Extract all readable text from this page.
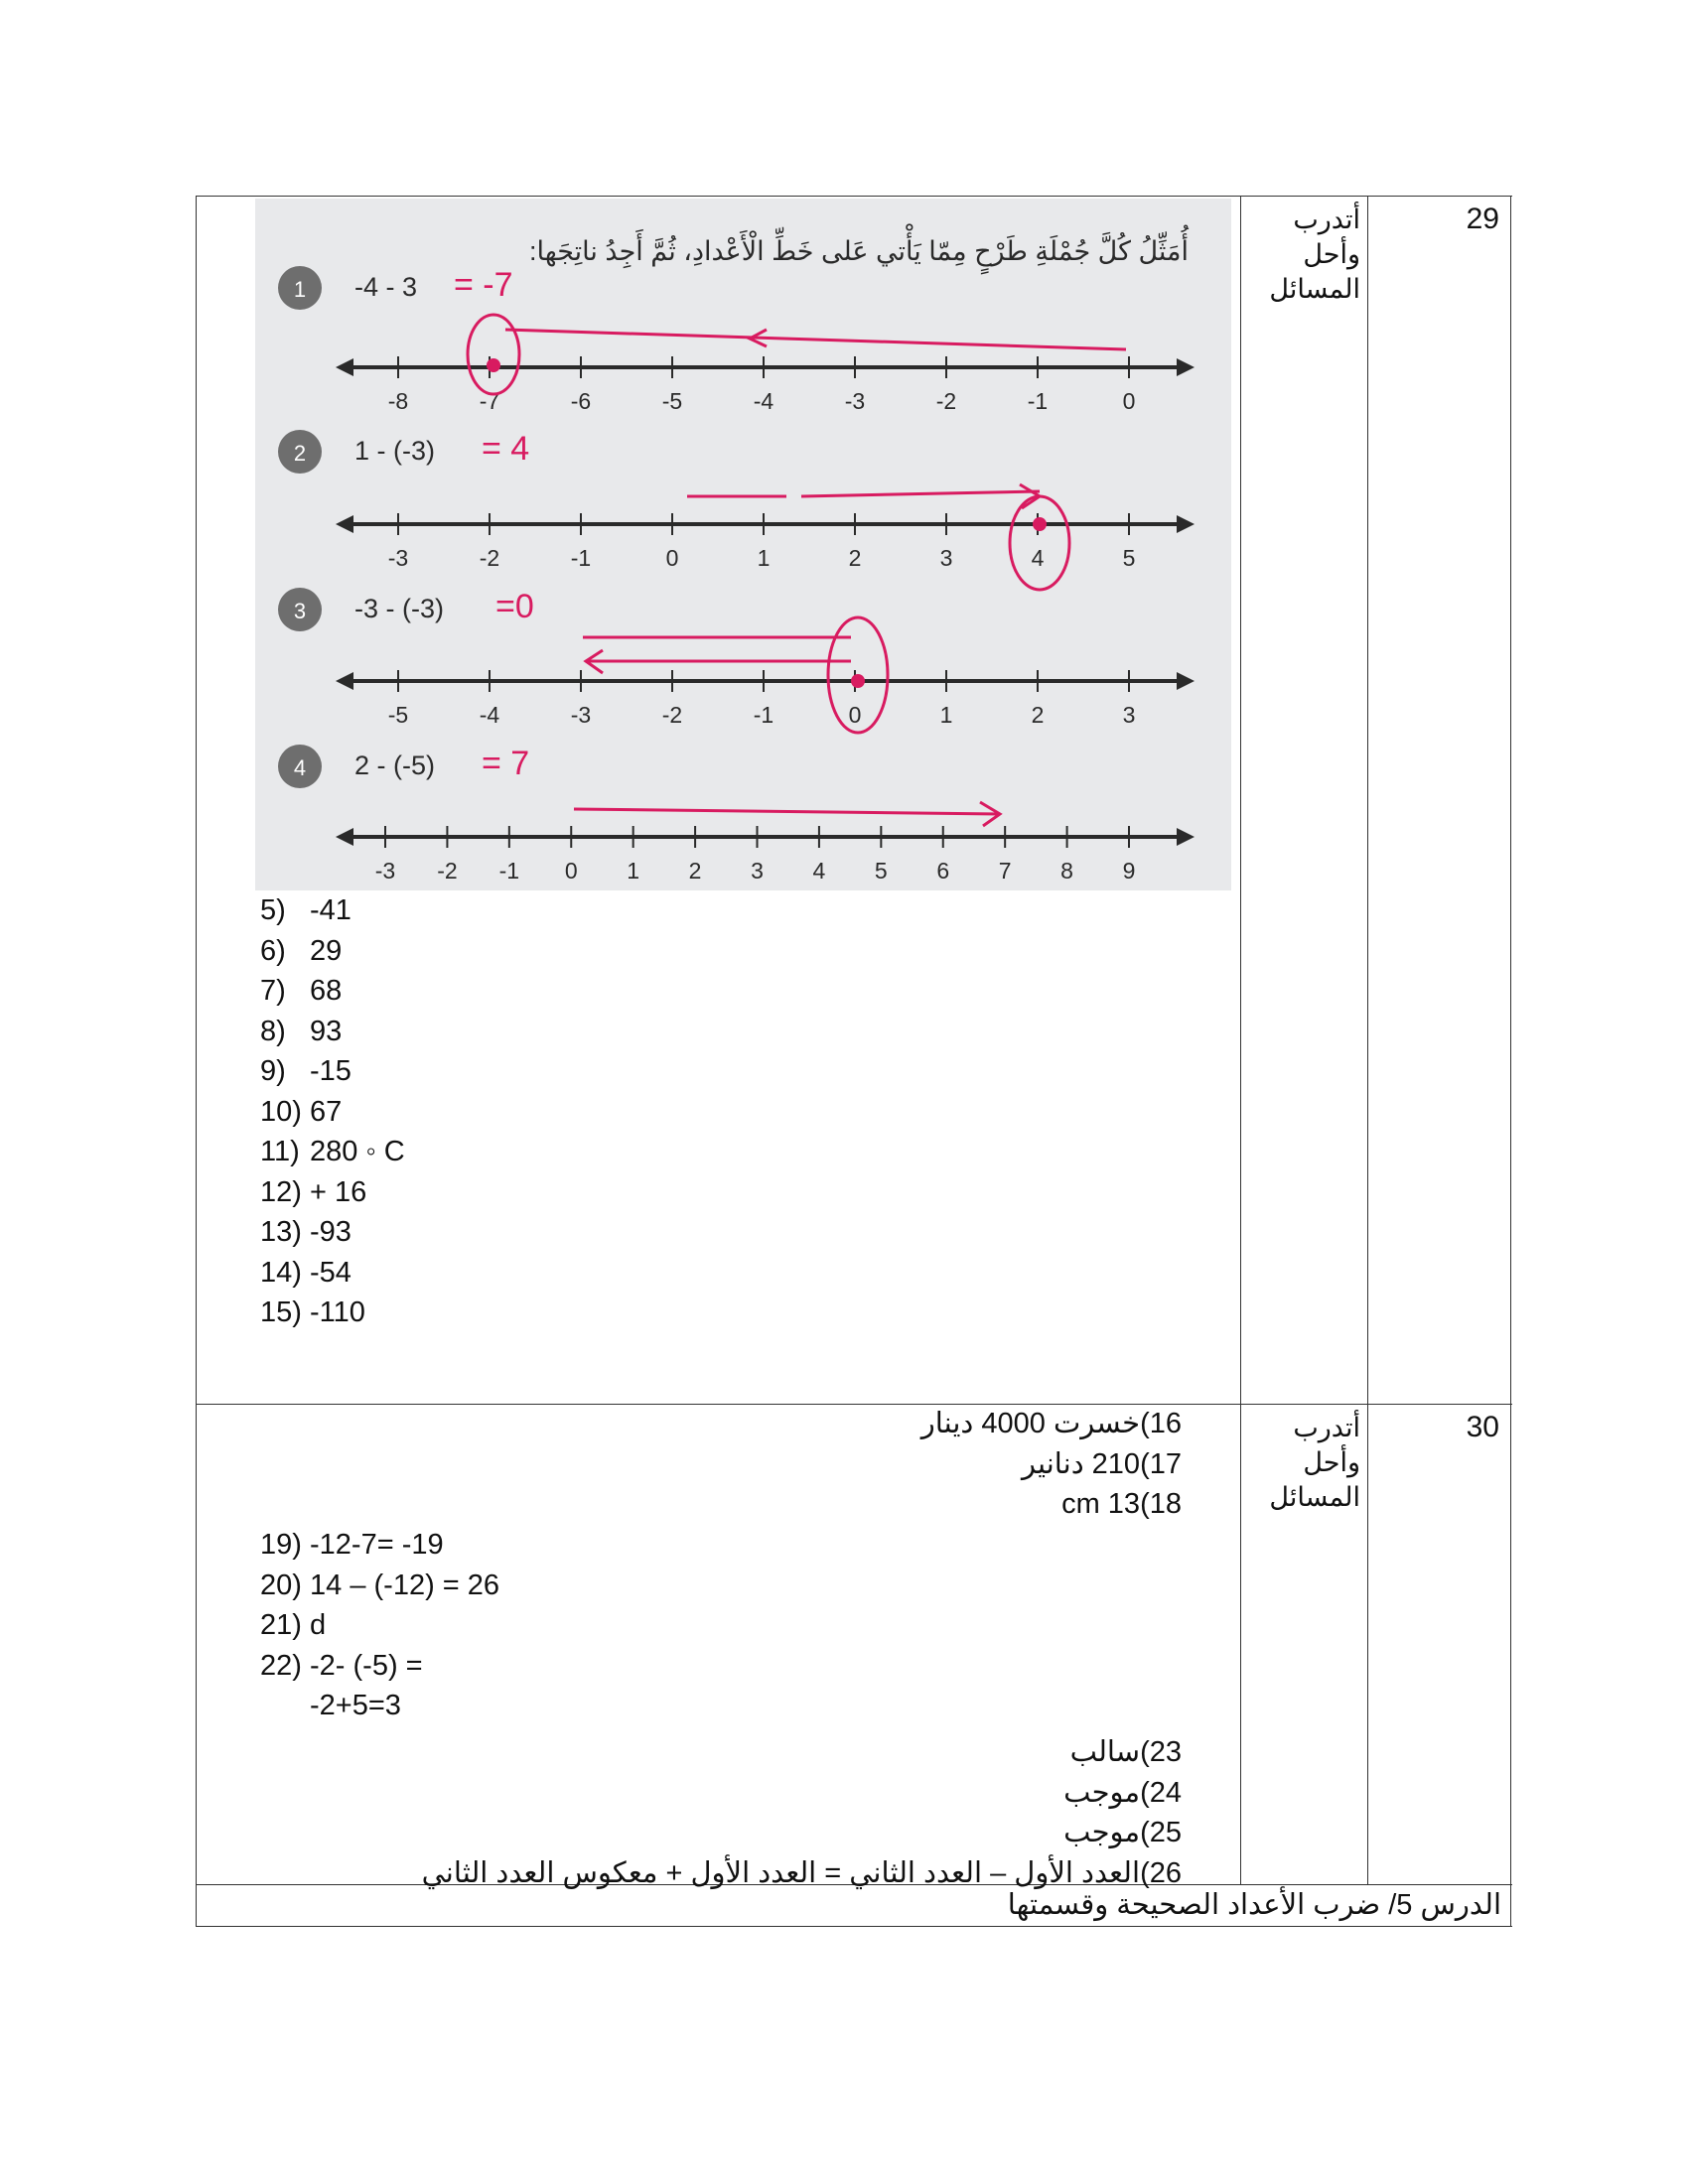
29
أتدرب
وأحل
المسائل
أُمَثِّلُ كُلَّ جُمْلَةِ طَرْحٍ مِمّا يَأْتي عَلى خَطِّ الْأَعْدادِ، ثُمَّ أَجِدُ ناتِجَها:
1 -4 - 3 = -7
-8	-7	-6	-5	-4	-3	-2	-1	0
2 1 - (-3) = 4
-3	-2	-1	0	1	2	3	4	5
3 -3 - (-3) =0
-5	-4	-3	-2	-1	0	1	2	3
4 2 - (-5) = 7
-3 -2 -1 0 1 2 3 4 5 6 7 8 9
5) -41
6) 29
7) 68
8) 93
9) -15
10) 67
11) 280 ◦ C
12) + 16
13) -93
14) -54
15) -110
30
أتدرب
وأحل
المسائل
16)خسرت 4000 دينار
17)210 دنانير
18)13 cm
19) -12-7= -19
20) 14 – (-12) = 26
21) d
22) -2- (-5) =
-2+5=3
23)سالب
24)موجب
25)موجب
26)العدد الأول – العدد الثاني = العدد الأول + معكوس العدد الثاني
الدرس 5/ ضرب الأعداد الصحيحة وقسمتها
